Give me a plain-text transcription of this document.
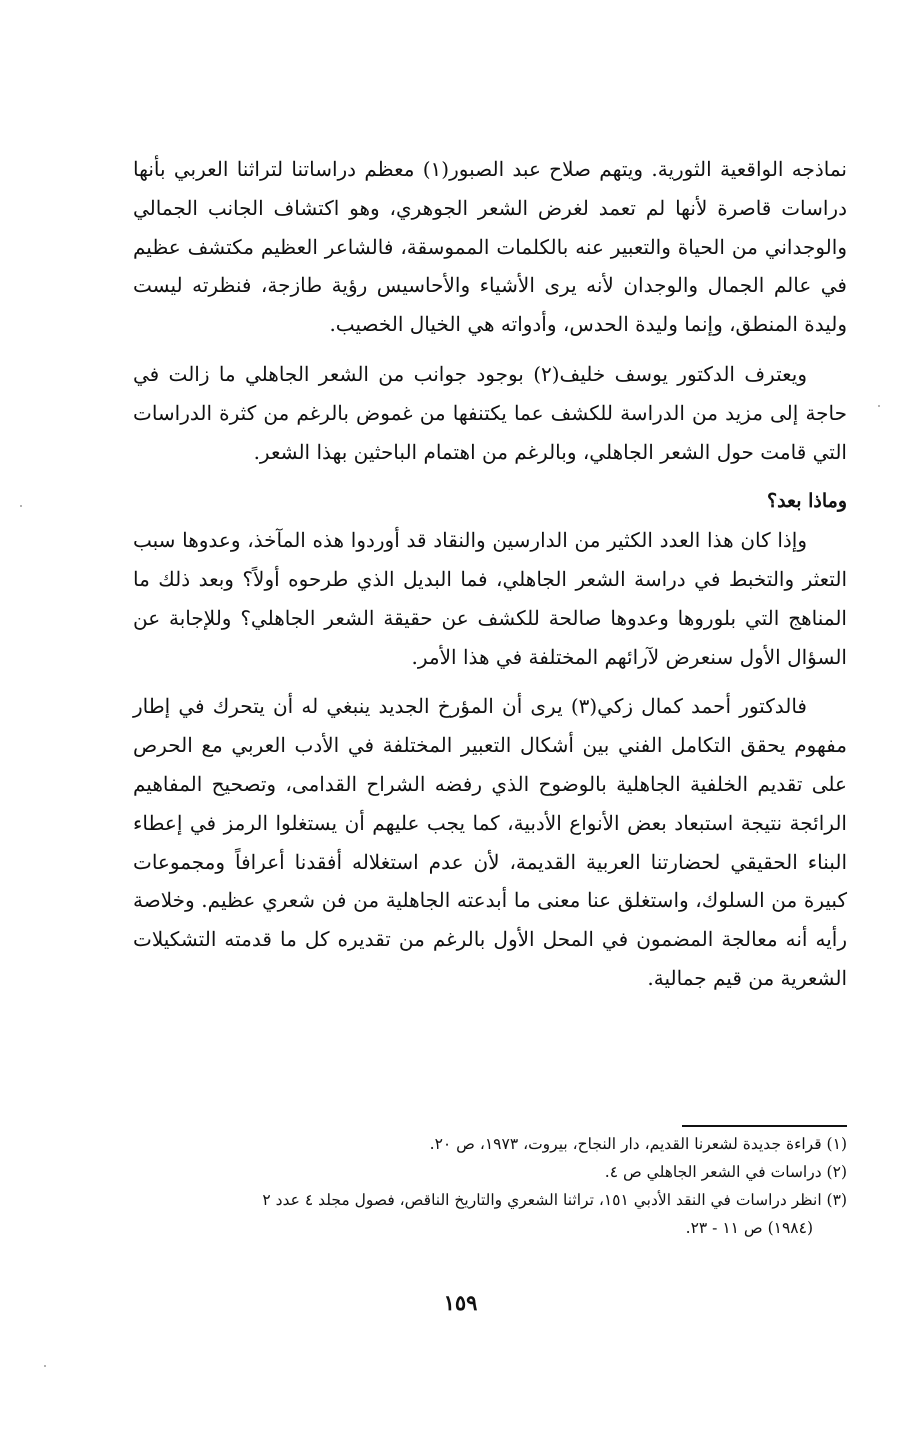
نماذجه الواقعية الثورية. ويتهم صلاح عبد الصبور(١) معظم دراساتنا لتراثنا العربي بأنها دراسات قاصرة لأنها لم تعمد لغرض الشعر الجوهري، وهو اكتشاف الجانب الجمالي والوجداني من الحياة والتعبير عنه بالكلمات المموسقة، فالشاعر العظيم مكتشف عظيم في عالم الجمال والوجدان لأنه يرى الأشياء والأحاسيس رؤية طازجة، فنظرته ليست وليدة المنطق، وإنما وليدة الحدس، وأدواته هي الخيال الخصيب.

ويعترف الدكتور يوسف خليف(٢) بوجود جوانب من الشعر الجاهلي ما زالت في حاجة إلى مزيد من الدراسة للكشف عما يكتنفها من غموض بالرغم من كثرة الدراسات التي قامت حول الشعر الجاهلي، وبالرغم من اهتمام الباحثين بهذا الشعر.

وماذا بعد؟

وإذا كان هذا العدد الكثير من الدارسين والنقاد قد أوردوا هذه المآخذ، وعدوها سبب التعثر والتخبط في دراسة الشعر الجاهلي، فما البديل الذي طرحوه أولاً؟ وبعد ذلك ما المناهج التي بلوروها وعدوها صالحة للكشف عن حقيقة الشعر الجاهلي؟ وللإجابة عن السؤال الأول سنعرض لآرائهم المختلفة في هذا الأمر.

فالدكتور أحمد كمال زكي(٣) يرى أن المؤرخ الجديد ينبغي له أن يتحرك في إطار مفهوم يحقق التكامل الفني بين أشكال التعبير المختلفة في الأدب العربي مع الحرص على تقديم الخلفية الجاهلية بالوضوح الذي رفضه الشراح القدامى، وتصحيح المفاهيم الرائجة نتيجة استبعاد بعض الأنواع الأدبية، كما يجب عليهم أن يستغلوا الرمز في إعطاء البناء الحقيقي لحضارتنا العربية القديمة، لأن عدم استغلاله أفقدنا أعرافاً ومجموعات كبيرة من السلوك، واستغلق عنا معنى ما أبدعته الجاهلية من فن شعري عظيم. وخلاصة رأيه أنه معالجة المضمون في المحل الأول بالرغم من تقديره كل ما قدمته التشكيلات الشعرية من قيم جمالية.

(١) قراءة جديدة لشعرنا القديم، دار النجاح، بيروت، ١٩٧٣، ص ٢٠.

(٢) دراسات في الشعر الجاهلي ص ٤.

(٣) انظر دراسات في النقد الأدبي ١٥١، تراثنا الشعري والتاريخ الناقص، فصول مجلد ٤ عدد ٢
(١٩٨٤) ص ١١ - ٢٣.

١٥٩
